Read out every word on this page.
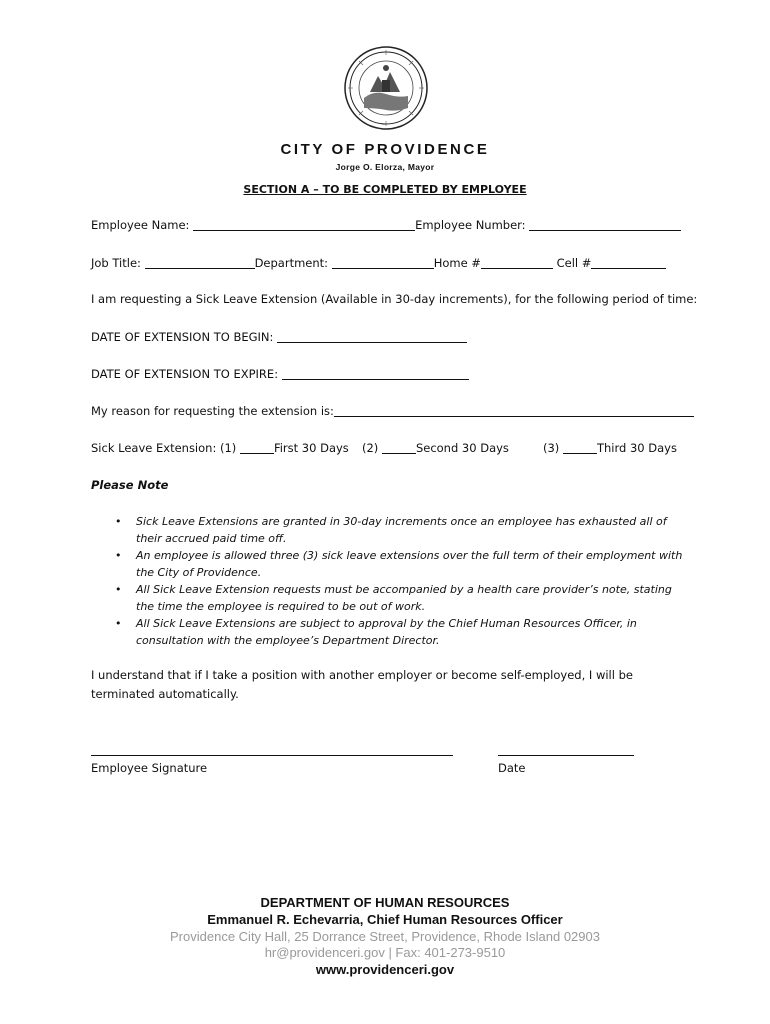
CITY OF PROVIDENCE
Jorge O. Elorza, Mayor
SECTION A – TO BE COMPLETED BY EMPLOYEE
Employee Name:	Employee Number:
Job Title:	Department:	Home #	Cell #
I am requesting a Sick Leave Extension (Available in 30-day increments), for the following period of time:
DATE OF EXTENSION TO BEGIN:
DATE OF EXTENSION TO EXPIRE:
My reason for requesting the extension is:
Sick Leave Extension: (1)	First 30 Days (2)	Second 30 Days	(3)	Third 30 Days
Please Note
• Sick Leave Extensions are granted in 30-day increments once an employee has exhausted all of their accrued paid time off.
• An employee is allowed three (3) sick leave extensions over the full term of their employment with the City of Providence.
• All Sick Leave Extension requests must be accompanied by a health care provider’s note, stating the time the employee is required to be out of work.
• All Sick Leave Extensions are subject to approval by the Chief Human Resources Officer, in consultation with the employee’s Department Director.
I understand that if I take a position with another employer or become self-employed, I will be terminated automatically.
Employee Signature	Date
DEPARTMENT OF HUMAN RESOURCES
Emmanuel R. Echevarria, Chief Human Resources Officer
Providence City Hall, 25 Dorrance Street, Providence, Rhode Island 02903
hr@providenceri.gov | Fax: 401-273-9510
www.providenceri.gov
